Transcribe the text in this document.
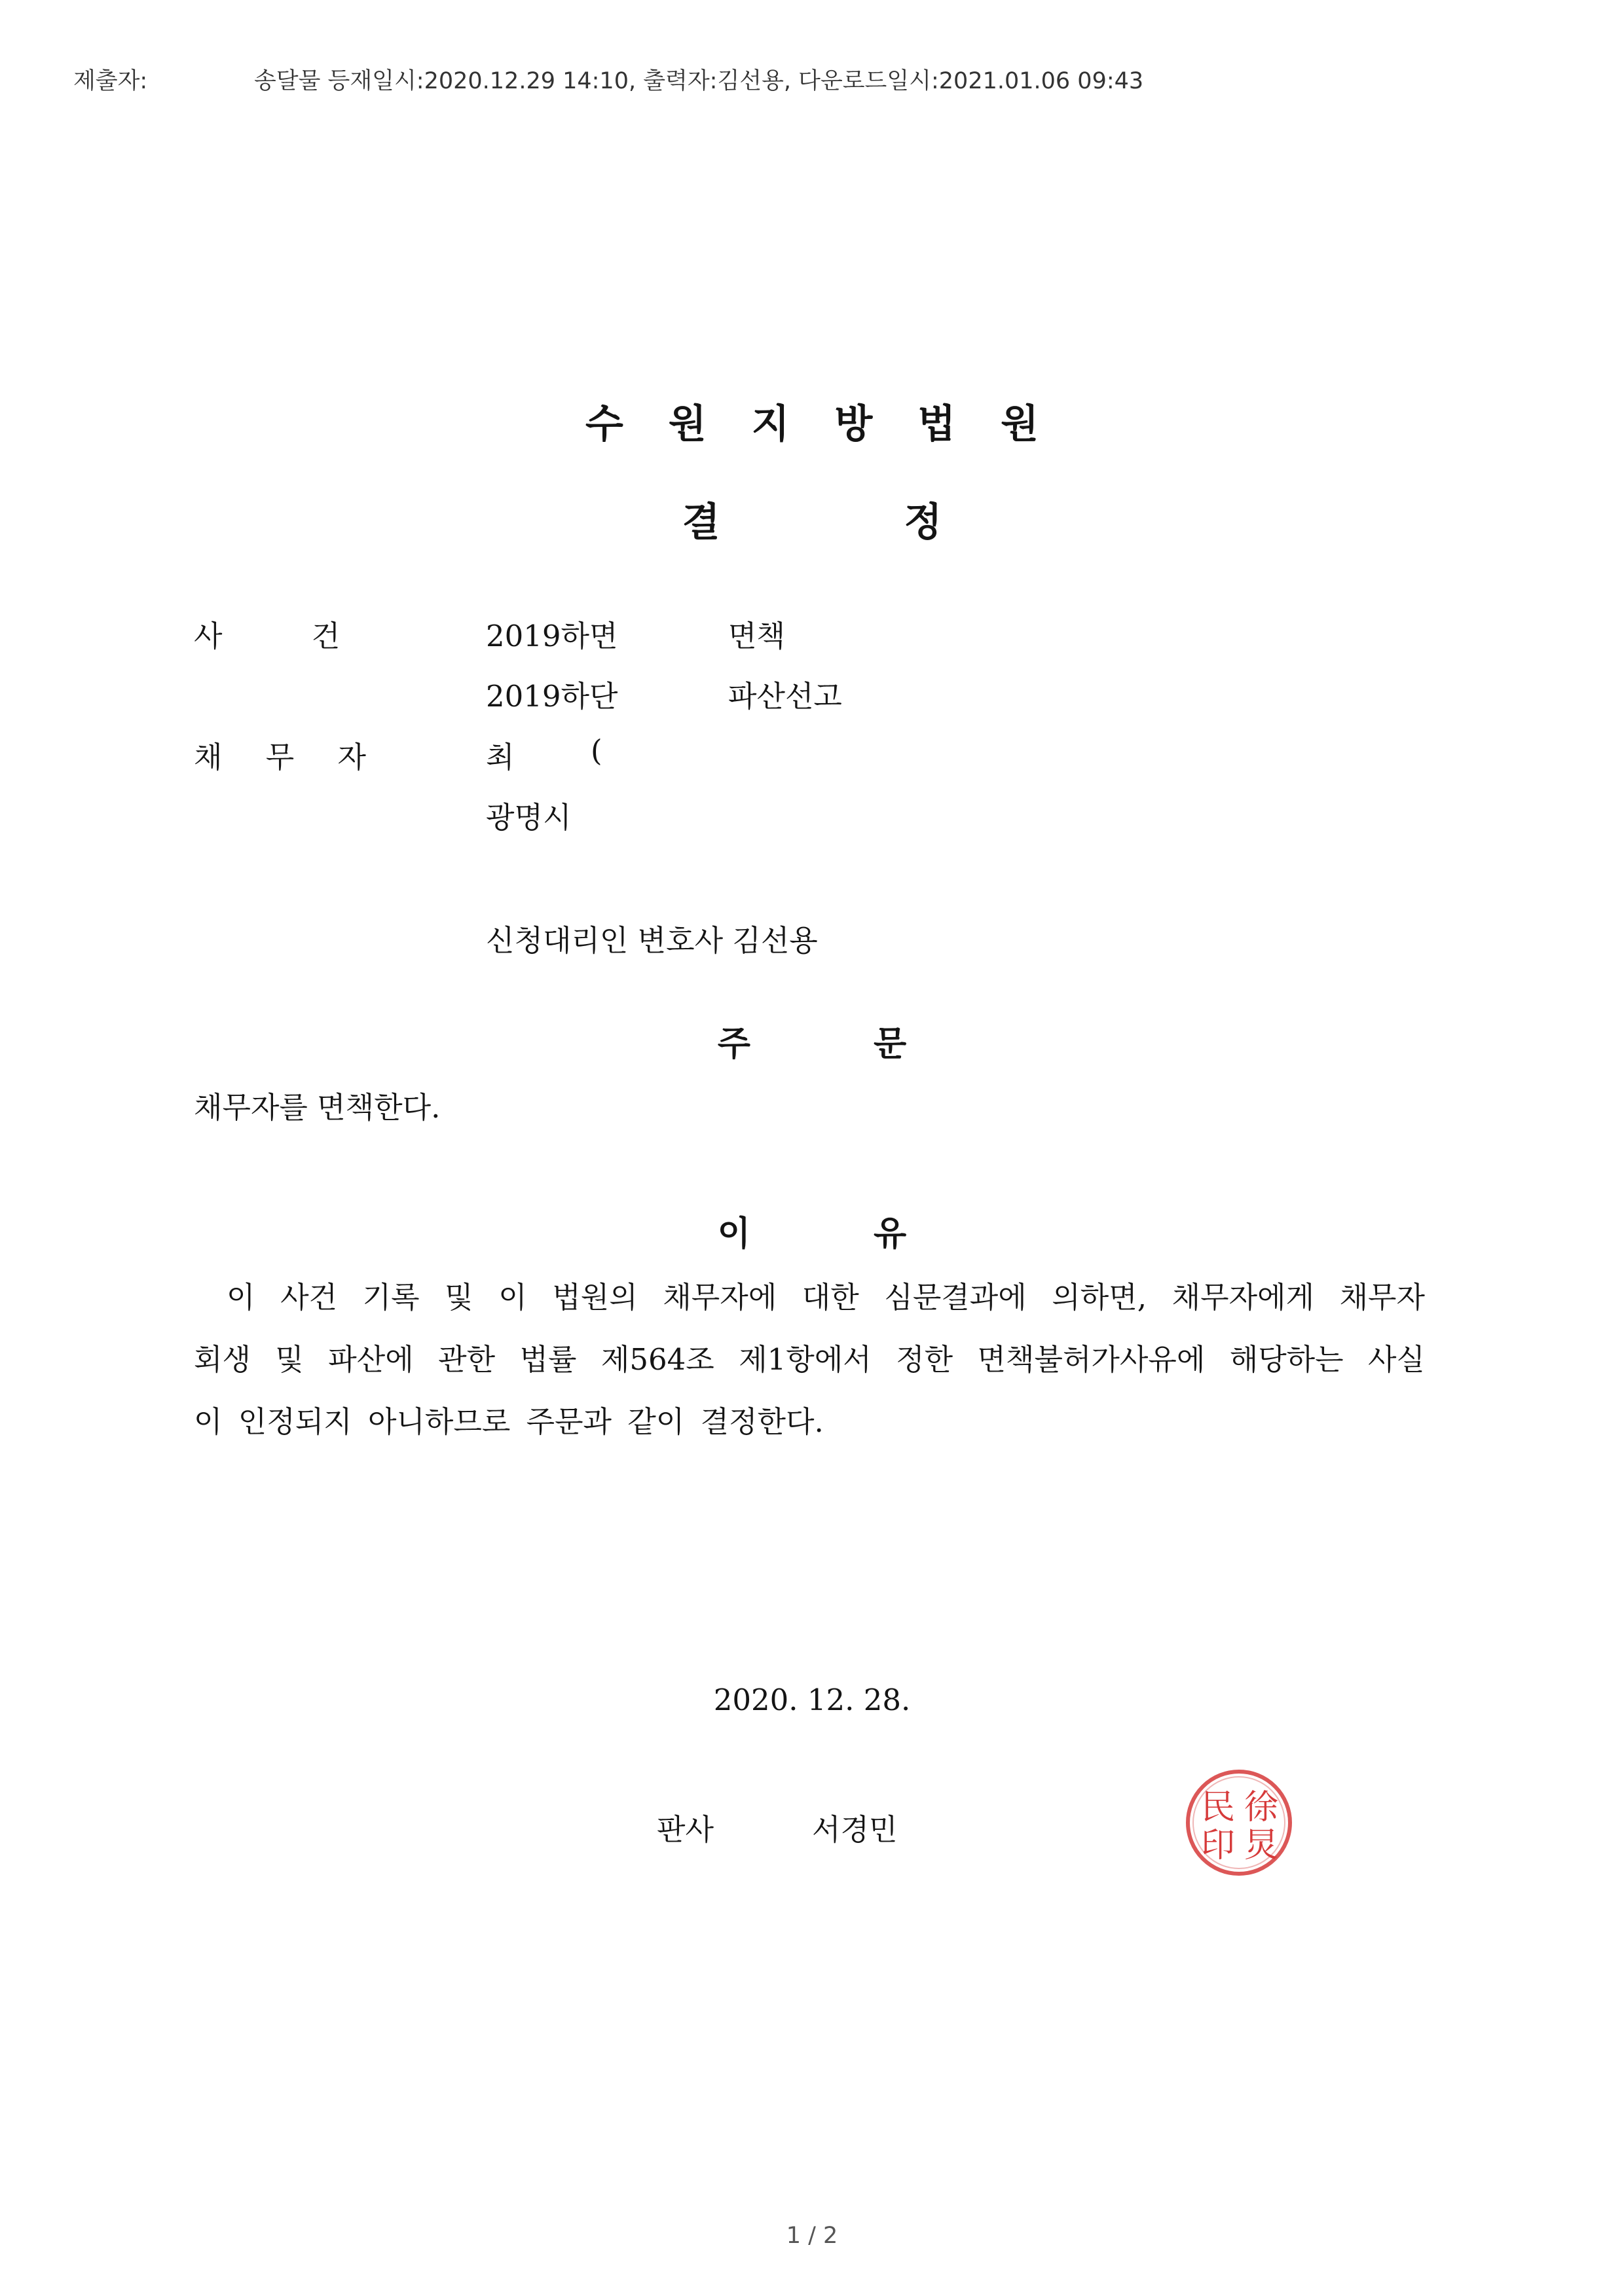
제출자:	송달물 등재일시:2020.12.29 14:10, 출력자:김선용, 다운로드일시:2021.01.06 09:43
수 원 지 방 법 원
결 정
사 건	2019하면	면책
2019하단	파산선고
채 무 자	최	(
광명시
신청대리인 변호사 김선용
주 문
채무자를 면책한다.
이 유
이 사건 기록 및 이 법원의 채무자에 대한 심문결과에 의하면, 채무자에게 채무자
회생 및 파산에 관한 법률 제564조 제1항에서 정한 면책불허가사유에 해당하는 사실
이 인정되지 아니하므로 주문과 같이 결정한다.
2020. 12. 28.
판사	서경민
徐
民
炅
印
1 / 2
